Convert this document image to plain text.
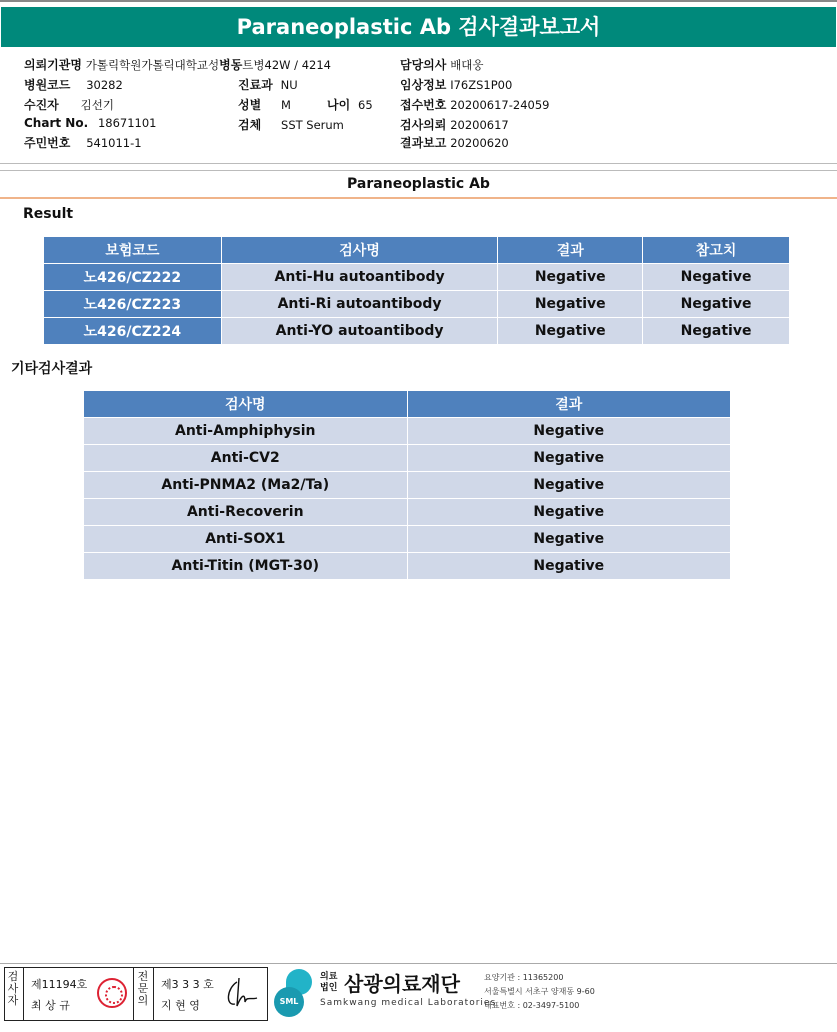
Paraneoplastic Ab 검사결과보고서
의뢰기관명 가톨릭학원가톨릭대학교성병동트병42W / 4214	담당의사 배대웅
병원코드 30282	진료과 NU	임상정보 I76ZS1P00
수진자 김선기	성별 M	나이 65 접수번호 20200617-24059
Chart No. 18671101	검체 SST Serum	검사의뢰 20200617
주민번호 541011-1	결과보고 20200620
Paraneoplastic Ab
Result
보험코드	검사명	결과	참고치
노426/CZ222	Anti-Hu autoantibody	Negative	Negative
노426/CZ223	Anti-Ri autoantibody	Negative	Negative
노426/CZ224	Anti-YO autoantibody	Negative	Negative
기타검사결과
검사명	결과
Anti-Amphiphysin	Negative
Anti-CV2	Negative
Anti-PNMA2 (Ma2/Ta)	Negative
Anti-Recoverin	Negative
Anti-SOX1	Negative
Anti-Titin (MGT-30)	Negative
검사자
제11194호
최 상 규
전문의
제3 3 3 호
지 현 영	SML
의료 법인 삼광의료재단
Samkwang medical Laboratories
요양기관 : 11365200
서울특별시 서초구 양재동 9-60
대표번호 : 02-3497-5100
